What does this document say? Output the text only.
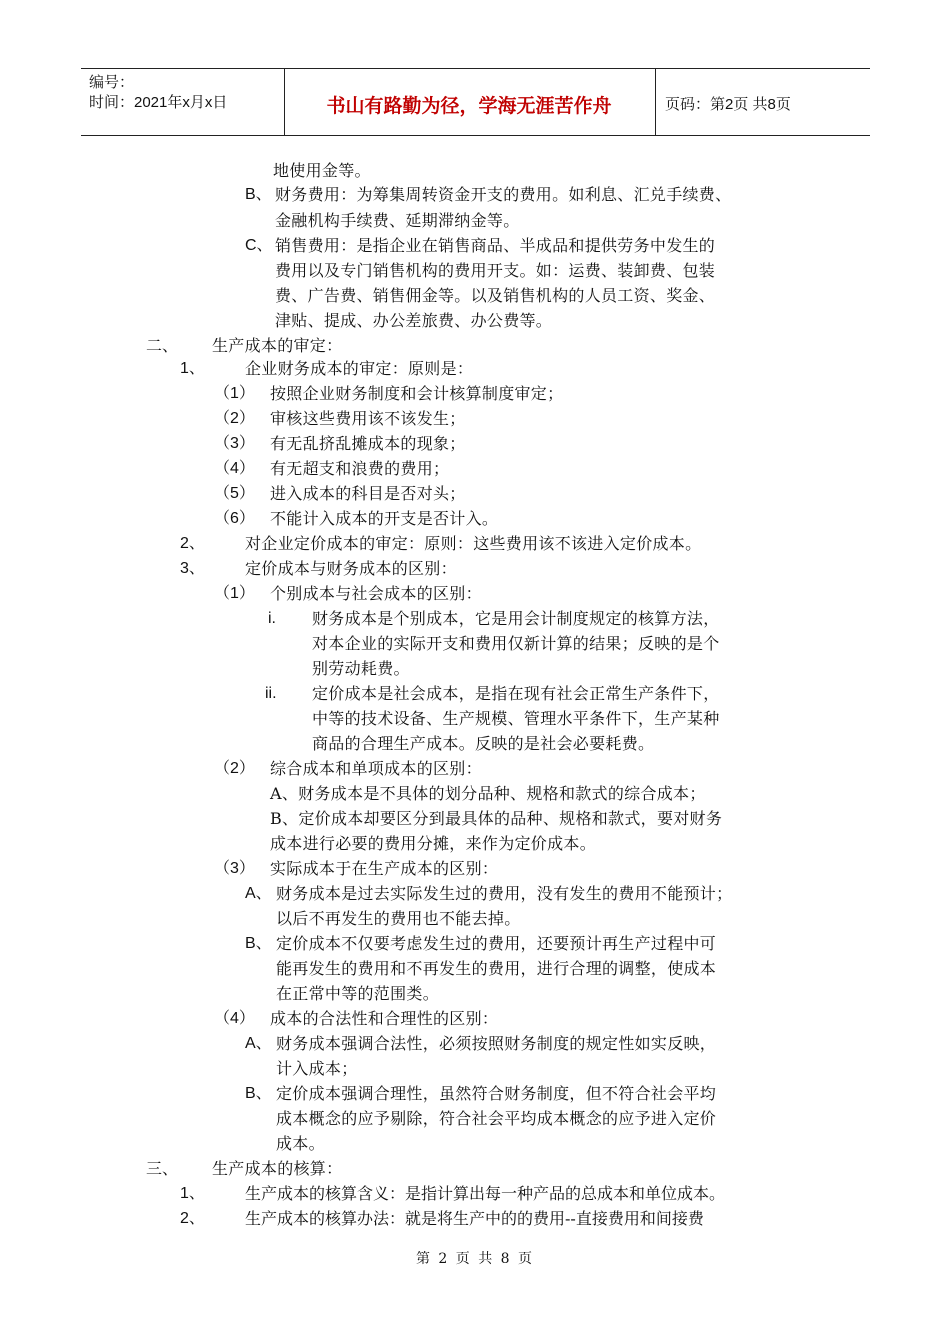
编号：
时间：2021年x月x日	书山有路勤为径，学海无涯苦作舟	页码：第2页 共8页
地使用金等。
B、 财务费用：为筹集周转资金开支的费用。如利息、汇兑手续费、
金融机构手续费、延期滞纳金等。
C、 销售费用：是指企业在销售商品、半成品和提供劳务中发生的
费用以及专门销售机构的费用开支。如：运费、装卸费、包装
费、广告费、销售佣金等。以及销售机构的人员工资、奖金、
津贴、提成、办公差旅费、办公费等。
二、 生产成本的审定：
1、	企业财务成本的审定：原则是：
（1） 按照企业财务制度和会计核算制度审定；
（2） 审核这些费用该不该发生；
（3） 有无乱挤乱摊成本的现象；
（4） 有无超支和浪费的费用；
（5） 进入成本的科目是否对头；
（6） 不能计入成本的开支是否计入。
2、	对企业定价成本的审定：原则：这些费用该不该进入定价成本。
3、	定价成本与财务成本的区别：
（1） 个别成本与社会成本的区别：
i. 财务成本是个别成本，它是用会计制度规定的核算方法，
对本企业的实际开支和费用仅新计算的结果；反映的是个
别劳动耗费。
ii. 定价成本是社会成本，是指在现有社会正常生产条件下，
中等的技术设备、生产规模、管理水平条件下，生产某种
商品的合理生产成本。反映的是社会必要耗费。
（2） 综合成本和单项成本的区别：
A、财务成本是不具体的划分品种、规格和款式的综合成本；
B、定价成本却要区分到最具体的品种、规格和款式，要对财务
成本进行必要的费用分摊，来作为定价成本。
（3） 实际成本于在生产成本的区别：
A、 财务成本是过去实际发生过的费用，没有发生的费用不能预计；
以后不再发生的费用也不能去掉。
B、 定价成本不仅要考虑发生过的费用，还要预计再生产过程中可
能再发生的费用和不再发生的费用，进行合理的调整，使成本
在正常中等的范围类。
（4） 成本的合法性和合理性的区别：
A、 财务成本强调合法性，必须按照财务制度的规定性如实反映，
计入成本；
B、 定价成本强调合理性，虽然符合财务制度，但不符合社会平均
成本概念的应予剔除，符合社会平均成本概念的应予进入定价
成本。
三、 生产成本的核算：
1、	生产成本的核算含义：是指计算出每一种产品的总成本和单位成本。
2、	生产成本的核算办法：就是将生产中的的费用--直接费用和间接费
第 2 页 共 8 页
